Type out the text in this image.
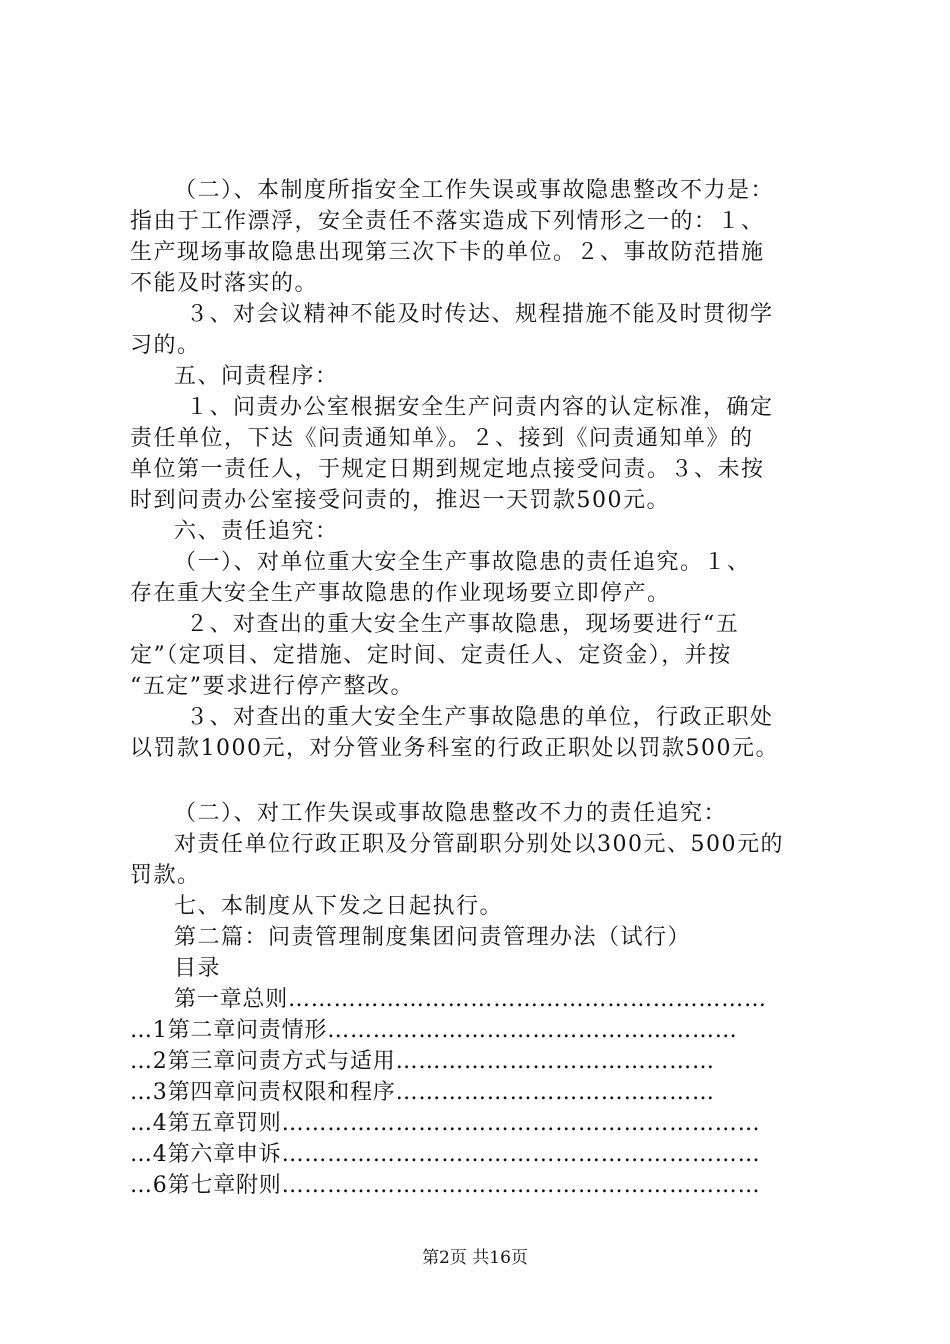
（二）、本制度所指安全工作失误或事故隐患整改不力是：
指由于工作漂浮，安全责任不落实造成下列情形之一的：１、
生产现场事故隐患出现第三次下卡的单位。２、事故防范措施
不能及时落实的。
３、对会议精神不能及时传达、规程措施不能及时贯彻学
习的。
五、问责程序：
１、问责办公室根据安全生产问责内容的认定标准，确定
责任单位，下达《问责通知单》。２、接到《问责通知单》的
单位第一责任人，于规定日期到规定地点接受问责。３、未按
时到问责办公室接受问责的，推迟一天罚款500元。
六、责任追究：
（一）、对单位重大安全生产事故隐患的责任追究。１、
存在重大安全生产事故隐患的作业现场要立即停产。
２、对查出的重大安全生产事故隐患，现场要进行“五
定”（定项目、定措施、定时间、定责任人、定资金），并按
“五定”要求进行停产整改。
３、对查出的重大安全生产事故隐患的单位，行政正职处
以罚款1000元，对分管业务科室的行政正职处以罚款500元。
（二）、对工作失误或事故隐患整改不力的责任追究：
对责任单位行政正职及分管副职分别处以300元、500元的
罚款。
七、本制度从下发之日起执行。
第二篇：问责管理制度集团问责管理办法（试行）
目录
第一章总则………………………………………………………
…1第二章问责情形………………………………………………
…2第三章问责方式与适用……………………………………
…3第四章问责权限和程序……………………………………
…4第五章罚则………………………………………………………
…4第六章申诉………………………………………………………
…6第七章附则………………………………………………………
第2页 共16页
